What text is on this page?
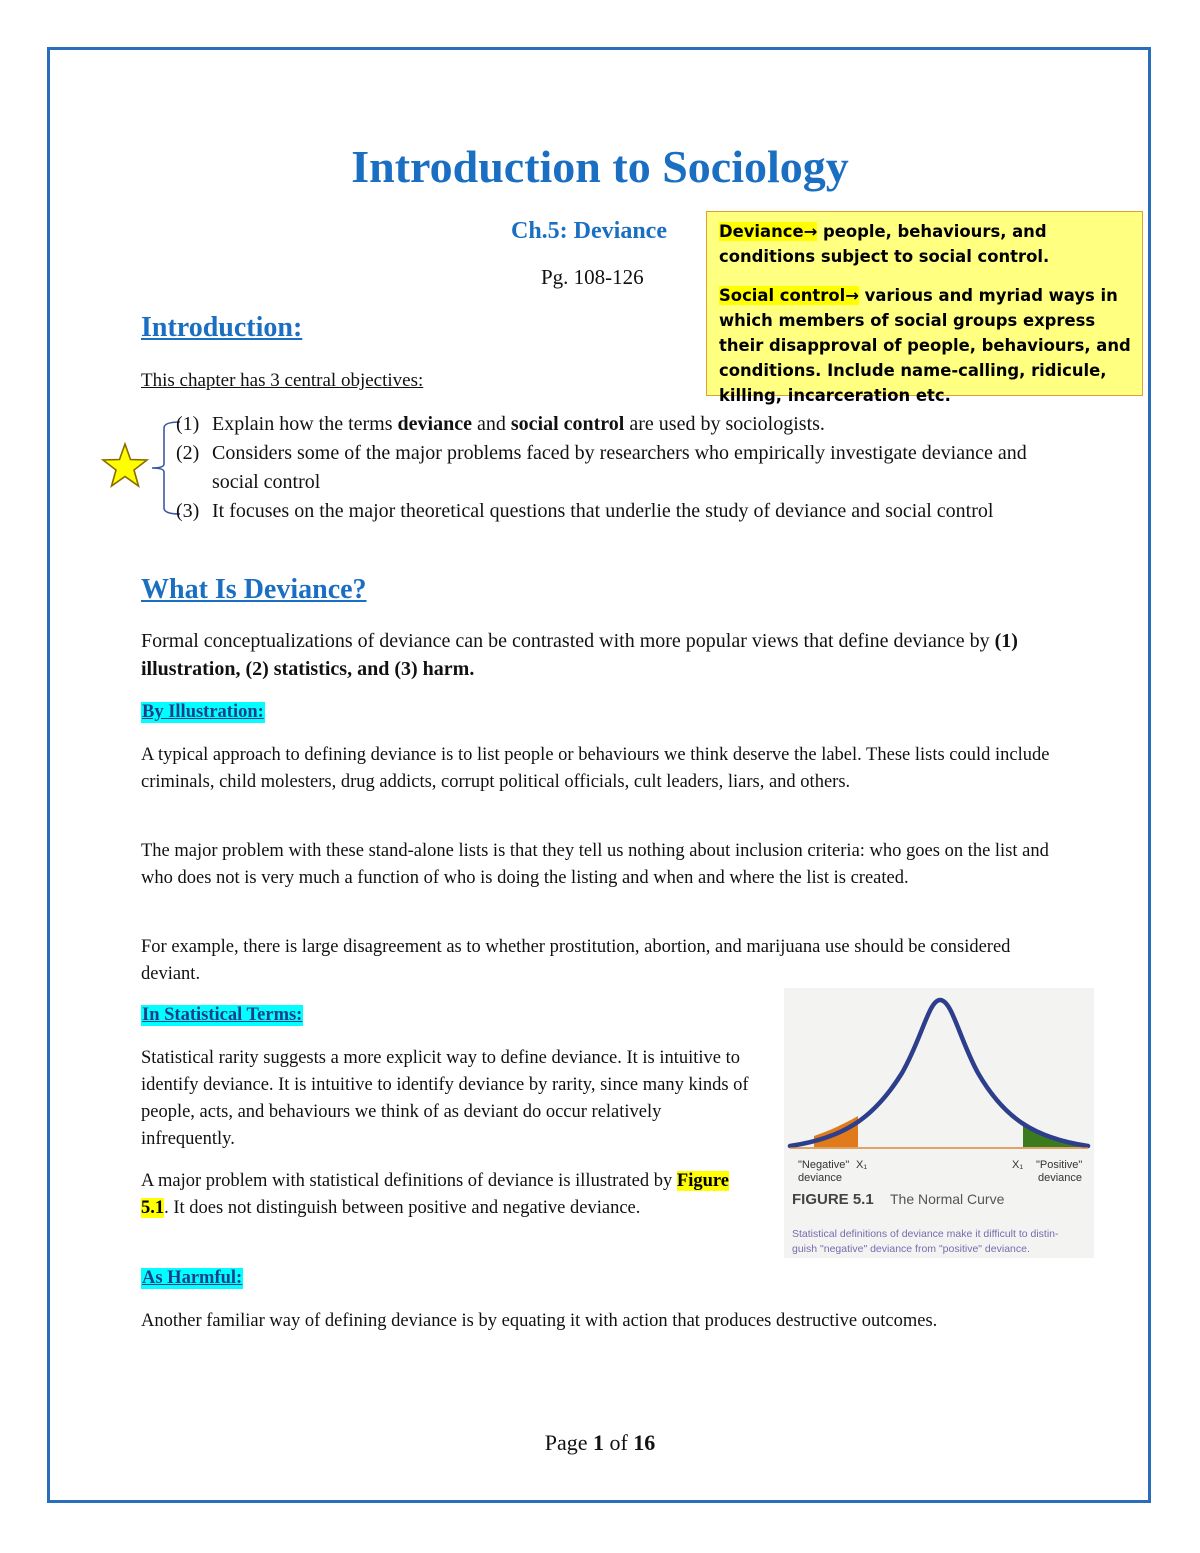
Introduction to Sociology
Ch.5: Deviance
Pg. 108-126

Deviance→ people, behaviours, and conditions subject to social control.

Social control→ various and myriad ways in which members of social groups express their disapproval of people, behaviours, and conditions. Include name-calling, ridicule, killing, incarceration etc.

Introduction:
This chapter has 3 central objectives:
(1) Explain how the terms deviance and social control are used by sociologists.
(2) Considers some of the major problems faced by researchers who empirically investigate deviance and social control
(3) It focuses on the major theoretical questions that underlie the study of deviance and social control
What Is Deviance?

Formal conceptualizations of deviance can be contrasted with more popular views that define deviance by (1) illustration, (2) statistics, and (3) harm.

By Illustration:

A typical approach to defining deviance is to list people or behaviours we think deserve the label. These lists could include criminals, child molesters, drug addicts, corrupt political officials, cult leaders, liars, and others.

The major problem with these stand-alone lists is that they tell us nothing about inclusion criteria: who goes on the list and who does not is very much a function of who is doing the listing and when and where the list is created.

For example, there is large disagreement as to whether prostitution, abortion, and marijuana use should be considered deviant.

In Statistical Terms:

Statistical rarity suggests a more explicit way to define deviance. It is intuitive to identify deviance. It is intuitive to identify deviance by rarity, since many kinds of people, acts, and behaviours we think of as deviant do occur relatively infrequently.

A major problem with statistical definitions of deviance is illustrated by Figure 5.1. It does not distinguish between positive and negative deviance.

"Negative"
deviance
X₁	X₁ "Positive"
deviance
FIGURE 5.1 The Normal Curve
Statistical definitions of deviance make it difficult to distin-
guish "negative" deviance from "positive" deviance.
As Harmful:

Another familiar way of defining deviance is by equating it with action that produces destructive outcomes.

Page 1 of 16
